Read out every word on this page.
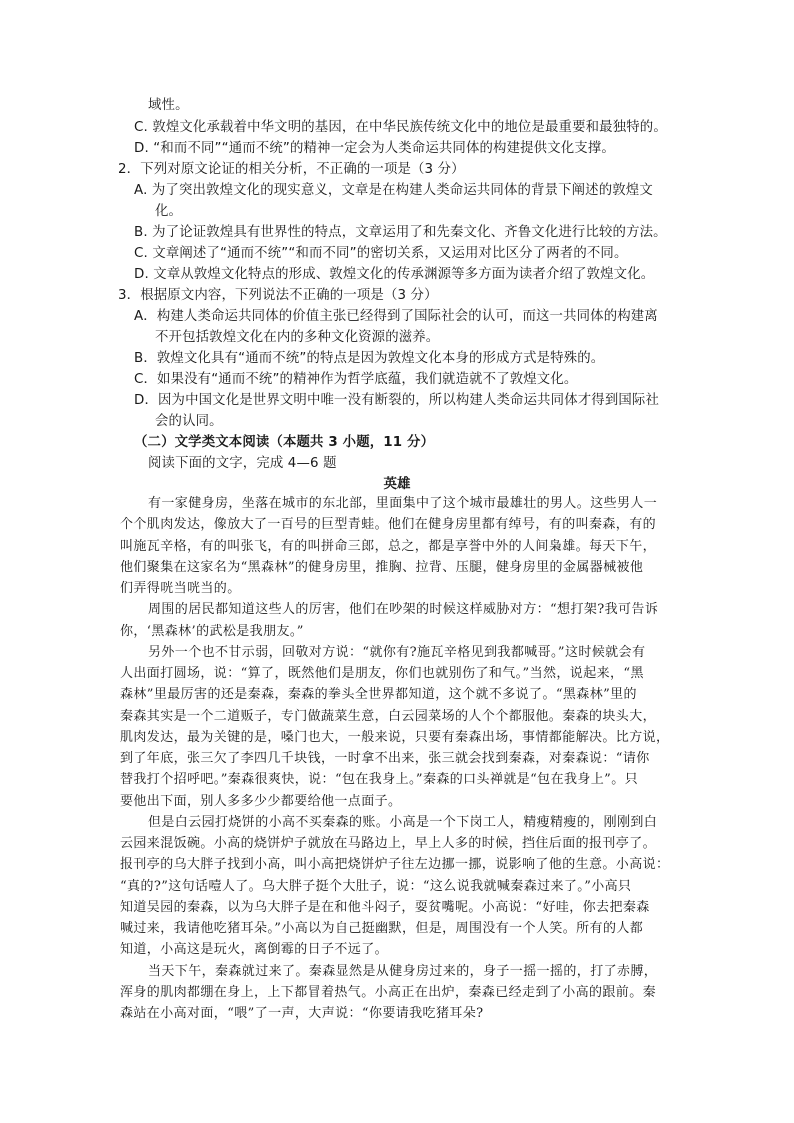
域性。
C. 敦煌文化承载着中华文明的基因，在中华民族传统文化中的地位是最重要和最独特的。
D. “和而不同”“通而不统”的精神一定会为人类命运共同体的构建提供文化支撑。
2．下列对原文论证的相关分析，不正确的一项是（3 分）
A. 为了突出敦煌文化的现实意义，文章是在构建人类命运共同体的背景下阐述的敦煌文
化。
B. 为了论证敦煌具有世界性的特点，文章运用了和先秦文化、齐鲁文化进行比较的方法。
C. 文章阐述了“通而不统”“和而不同”的密切关系，又运用对比区分了两者的不同。
D. 文章从敦煌文化特点的形成、敦煌文化的传承渊源等多方面为读者介绍了敦煌文化。
3．根据原文内容，下列说法不正确的一项是（3 分）
A．构建人类命运共同体的价值主张已经得到了国际社会的认可，而这一共同体的构建离
不开包括敦煌文化在内的多种文化资源的滋养。
B．敦煌文化具有“通而不统”的特点是因为敦煌文化本身的形成方式是特殊的。
C．如果没有“通而不统”的精神作为哲学底蕴，我们就造就不了敦煌文化。
D．因为中国文化是世界文明中唯一没有断裂的，所以构建人类命运共同体才得到国际社
会的认同。
（二）文学类文本阅读（本题共 3 小题，11 分）
阅读下面的文字，完成 4—6 题
英雄
有一家健身房，坐落在城市的东北部，里面集中了这个城市最雄壮的男人。这些男人一
个个肌肉发达，像放大了一百号的巨型青蛙。他们在健身房里都有绰号，有的叫秦森，有的
叫施瓦辛格，有的叫张飞，有的叫拼命三郎，总之，都是享誉中外的人间枭雄。每天下午，
他们聚集在这家名为“黑森林”的健身房里，推胸、拉背、压腿，健身房里的金属器械被他
们弄得咣当咣当的。
周围的居民都知道这些人的厉害，他们在吵架的时候这样威胁对方：“想打架?我可告诉
你，‘黑森林’的武松是我朋友。”
另外一个也不甘示弱，回敬对方说：“就你有?施瓦辛格见到我都喊哥。”这时候就会有
人出面打圆场，说：“算了，既然他们是朋友，你们也就别伤了和气。”当然，说起来，“黑
森林”里最厉害的还是秦森，秦森的拳头全世界都知道，这个就不多说了。“黑森林”里的
秦森其实是一个二道贩子，专门做蔬菜生意，白云园菜场的人个个都服他。秦森的块头大，
肌肉发达，最为关键的是，嗓门也大，一般来说，只要有秦森出场，事情都能解决。比方说，
到了年底，张三欠了李四几千块钱，一时拿不出来，张三就会找到秦森，对秦森说：“请你
替我打个招呼吧。”秦森很爽快，说：“包在我身上。”秦森的口头禅就是“包在我身上”。只
要他出下面，别人多多少少都要给他一点面子。
但是白云园打烧饼的小高不买秦森的账。小高是一个下岗工人，精瘦精瘦的，刚刚到白
云园来混饭碗。小高的烧饼炉子就放在马路边上，早上人多的时候，挡住后面的报刊亭了。
报刊亭的乌大胖子找到小高，叫小高把烧饼炉子往左边挪一挪，说影响了他的生意。小高说：
“真的?”这句话噎人了。乌大胖子挺个大肚子，说：“这么说我就喊秦森过来了。”小高只
知道吴园的秦森，以为乌大胖子是在和他斗闷子，耍贫嘴呢。小高说：“好哇，你去把秦森
喊过来，我请他吃猪耳朵。”小高以为自己挺幽默，但是，周围没有一个人笑。所有的人都
知道，小高这是玩火，离倒霉的日子不远了。
当天下午，秦森就过来了。秦森显然是从健身房过来的，身子一摇一摇的，打了赤膊，
浑身的肌肉都绷在身上，上下都冒着热气。小高正在出炉，秦森已经走到了小高的跟前。秦
森站在小高对面，“喂”了一声，大声说：“你要请我吃猪耳朵?
